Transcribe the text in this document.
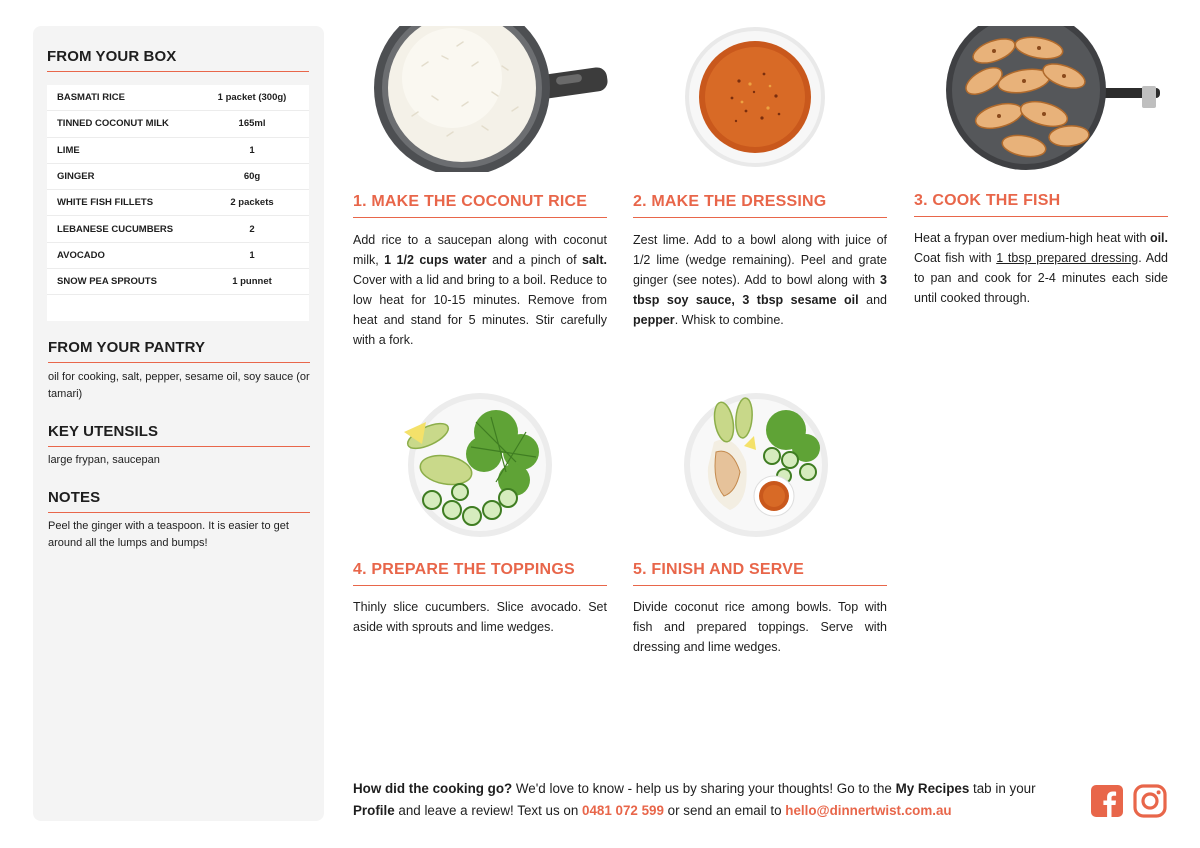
FROM YOUR BOX
BASMATI RICE	1 packet (300g)
TINNED COCONUT MILK	165ml
LIME	1
GINGER	60g
WHITE FISH FILLETS	2 packets
LEBANESE CUCUMBERS	2
AVOCADO	1
SNOW PEA SPROUTS	1 punnet
FROM YOUR PANTRY
oil for cooking, salt, pepper, sesame oil, soy sauce (or tamari)
KEY UTENSILS
large frypan, saucepan
NOTES
Peel the ginger with a teaspoon. It is easier to get around all the lumps and bumps!
1. MAKE THE COCONUT RICE
Add rice to a saucepan along with coconut milk, 1 1/2 cups water and a pinch of salt. Cover with a lid and bring to a boil. Reduce to low heat for 10-15 minutes. Remove from heat and stand for 5 minutes. Stir carefully with a fork.
2. MAKE THE DRESSING
Zest lime. Add to a bowl along with juice of 1/2 lime (wedge remaining). Peel and grate ginger (see notes). Add to bowl along with 3 tbsp soy sauce, 3 tbsp sesame oil and pepper. Whisk to combine.
3. COOK THE FISH
Heat a frypan over medium-high heat with oil. Coat fish with 1 tbsp prepared dressing. Add to pan and cook for 2-4 minutes each side until cooked through.
4. PREPARE THE TOPPINGS
Thinly slice cucumbers. Slice avocado. Set aside with sprouts and lime wedges.
5. FINISH AND SERVE
Divide coconut rice among bowls. Top with fish and prepared toppings. Serve with dressing and lime wedges.
How did the cooking go? We'd love to know - help us by sharing your thoughts! Go to the My Recipes tab in your Profile and leave a review! Text us on 0481 072 599 or send an email to hello@dinnertwist.com.au
